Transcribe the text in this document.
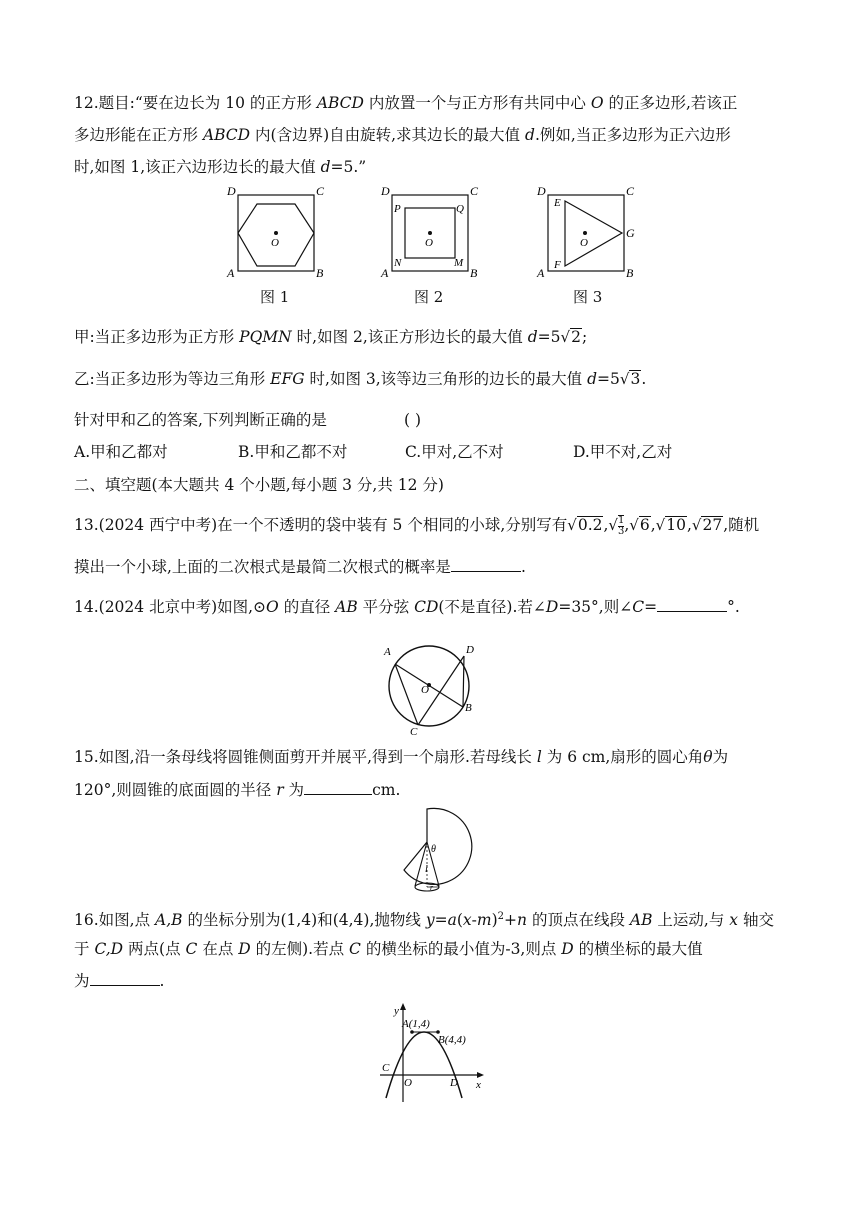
12.题目:“要在边长为 10 的正方形 ABCD 内放置一个与正方形有共同中心 O 的正多边形,若该正
多边形能在正方形 ABCD 内(含边界)自由旋转,求其边长的最大值 d.例如,当正多边形为正六边形
时,如图 1,该正六边形边长的最大值 d=5.”
D	C
A	B
O
图 1
D	C
A	B
P	Q
N	M
O
图 2
D	C
A	B
E
F
G
O
图 3
甲:当正多边形为正方形 PQMN 时,如图 2,该正方形边长的最大值 d=5√2;
乙:当正多边形为等边三角形 EFG 时,如图 3,该等边三角形的边长的最大值 d=5√3.
针对甲和乙的答案,下列判断正确的是	( )
A.甲和乙都对	B.甲和乙都不对	C.甲对,乙不对	D.甲不对,乙对
二、填空题(本大题共 4 个小题,每小题 3 分,共 12 分)
13.(2024 西宁中考)在一个不透明的袋中装有 5 个相同的小球,分别写有$√0.2,√ \frac{1}{3} ,√6,√10,√27$,随机
摸出一个小球,上面的二次根式是最简二次根式的概率是	.
14.(2024 北京中考)如图,⊙O 的直径 AB 平分弦 CD(不是直径).若∠D=35°,则∠C=	°.
A	D
O
B
C
15.如图,沿一条母线将圆锥侧面剪开并展平,得到一个扇形.若母线长 l 为 6 cm,扇形的圆心角θ为
120°,则圆锥的底面圆的半径 r 为	cm.
θ
l
r
16.如图,点 A,B 的坐标分别为(1,4)和(4,4),抛物线 $y=a(x-m)^2+n$ 的顶点在线段 AB 上运动,与 x 轴交
于 C,D 两点(点 C 在点 D 的左侧).若点 C 的横坐标的最小值为-3,则点 D 的横坐标的最大值
为	.
y
A(1,4)
B(4,4)
C
O	D x
